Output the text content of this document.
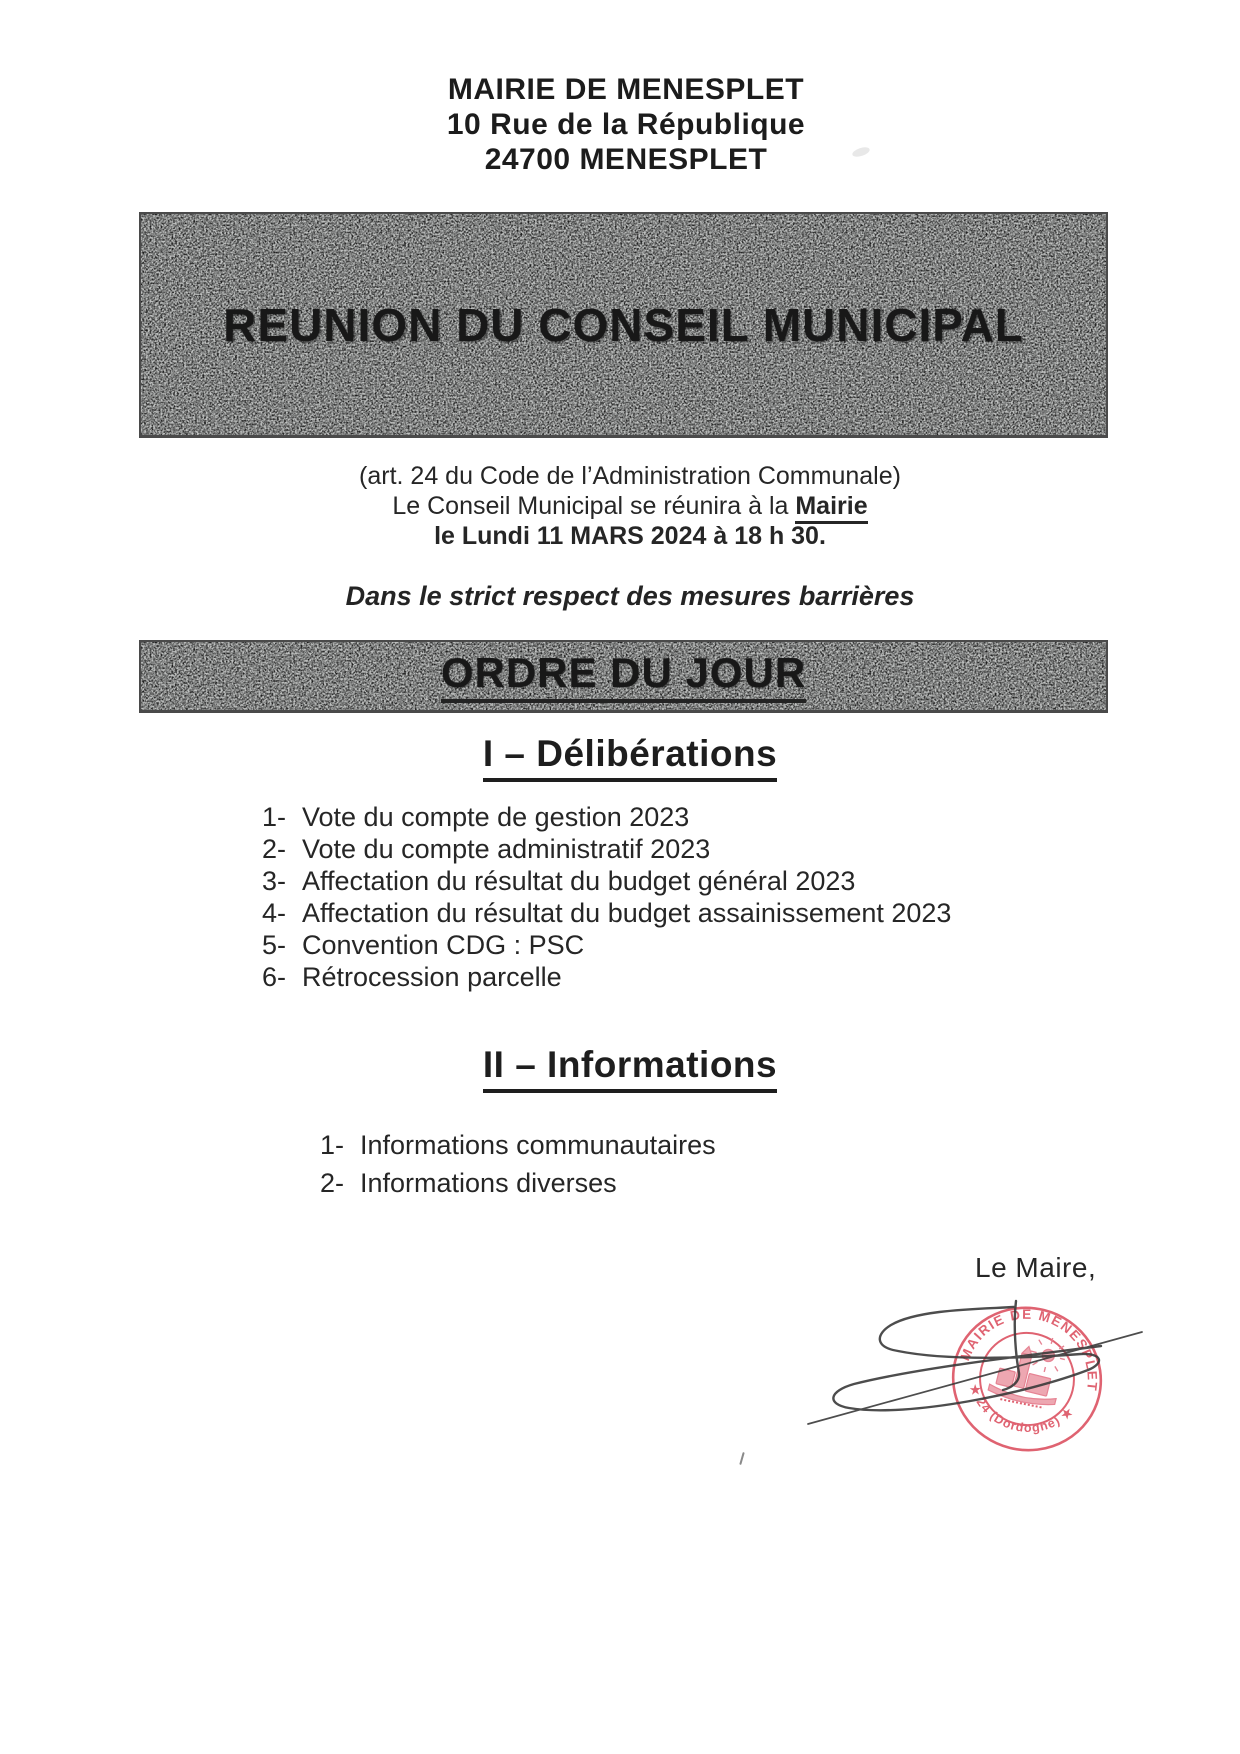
MAIRIE DE MENESPLET
10 Rue de la République
24700 MENESPLET
REUNION DU CONSEIL MUNICIPAL
(art. 24 du Code de l’Administration Communale)
Le Conseil Municipal se réunira à la Mairie
le Lundi 11 MARS 2024 à 18 h 30.
Dans le strict respect des mesures barrières
ORDRE DU JOUR
I – Délibérations
1- Vote du compte de gestion 2023
2- Vote du compte administratif 2023
3- Affectation du résultat du budget général 2023
4- Affectation du résultat du budget assainissement 2023
5- Convention CDG : PSC
6- Rétrocession parcelle
II – Informations
1- Informations communautaires
2- Informations diverses
Le Maire,
MAIRIE DE MENESPLET
★ 24 (Dordogne) ★
